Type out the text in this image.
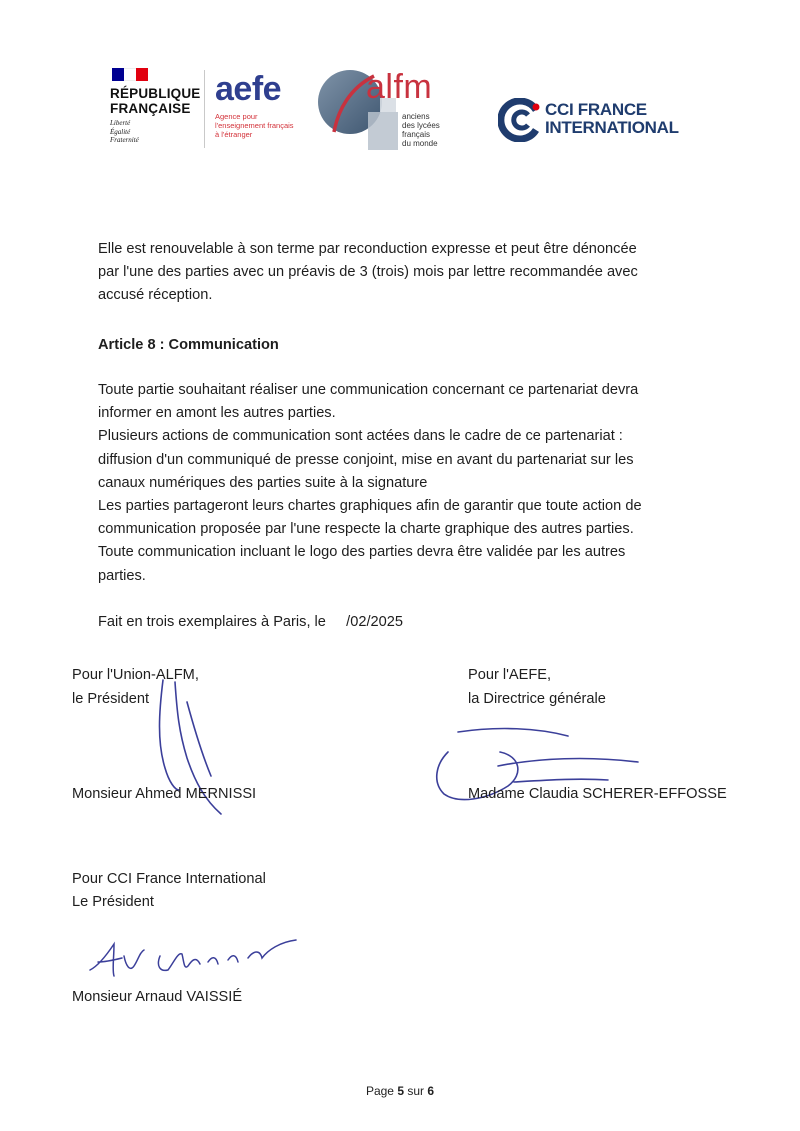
RÉPUBLIQUE
FRANÇAISE
Liberté
Égalité
Fraternité
aefe
Agence pour
l'enseignement français
à l'étranger
alfm
anciens
des lycées
français
du monde
CCI FRANCE
INTERNATIONAL

Elle est renouvelable à son terme par reconduction expresse et peut être dénoncée
par l'une des parties avec un préavis de 3 (trois) mois par lettre recommandée avec
accusé réception.

Article 8 : Communication

Toute partie souhaitant réaliser une communication concernant ce partenariat devra
informer en amont les autres parties.
Plusieurs actions de communication sont actées dans le cadre de ce partenariat :
diffusion d'un communiqué de presse conjoint, mise en avant du partenariat sur les
canaux numériques des parties suite à la signature
Les parties partageront leurs chartes graphiques afin de garantir que toute action de
communication proposée par l'une respecte la charte graphique des autres parties.
Toute communication incluant le logo des parties devra être validée par les autres
parties.

Fait en trois exemplaires à Paris, le     /02/2025

Pour l'Union-ALFM,

le Président

Monsieur Ahmed MERNISSI

Pour l'AEFE,

la Directrice générale

Madame Claudia SCHERER-EFFOSSE

Pour CCI France International

Le Président

Monsieur Arnaud VAISSIÉ

Page 5 sur 6
